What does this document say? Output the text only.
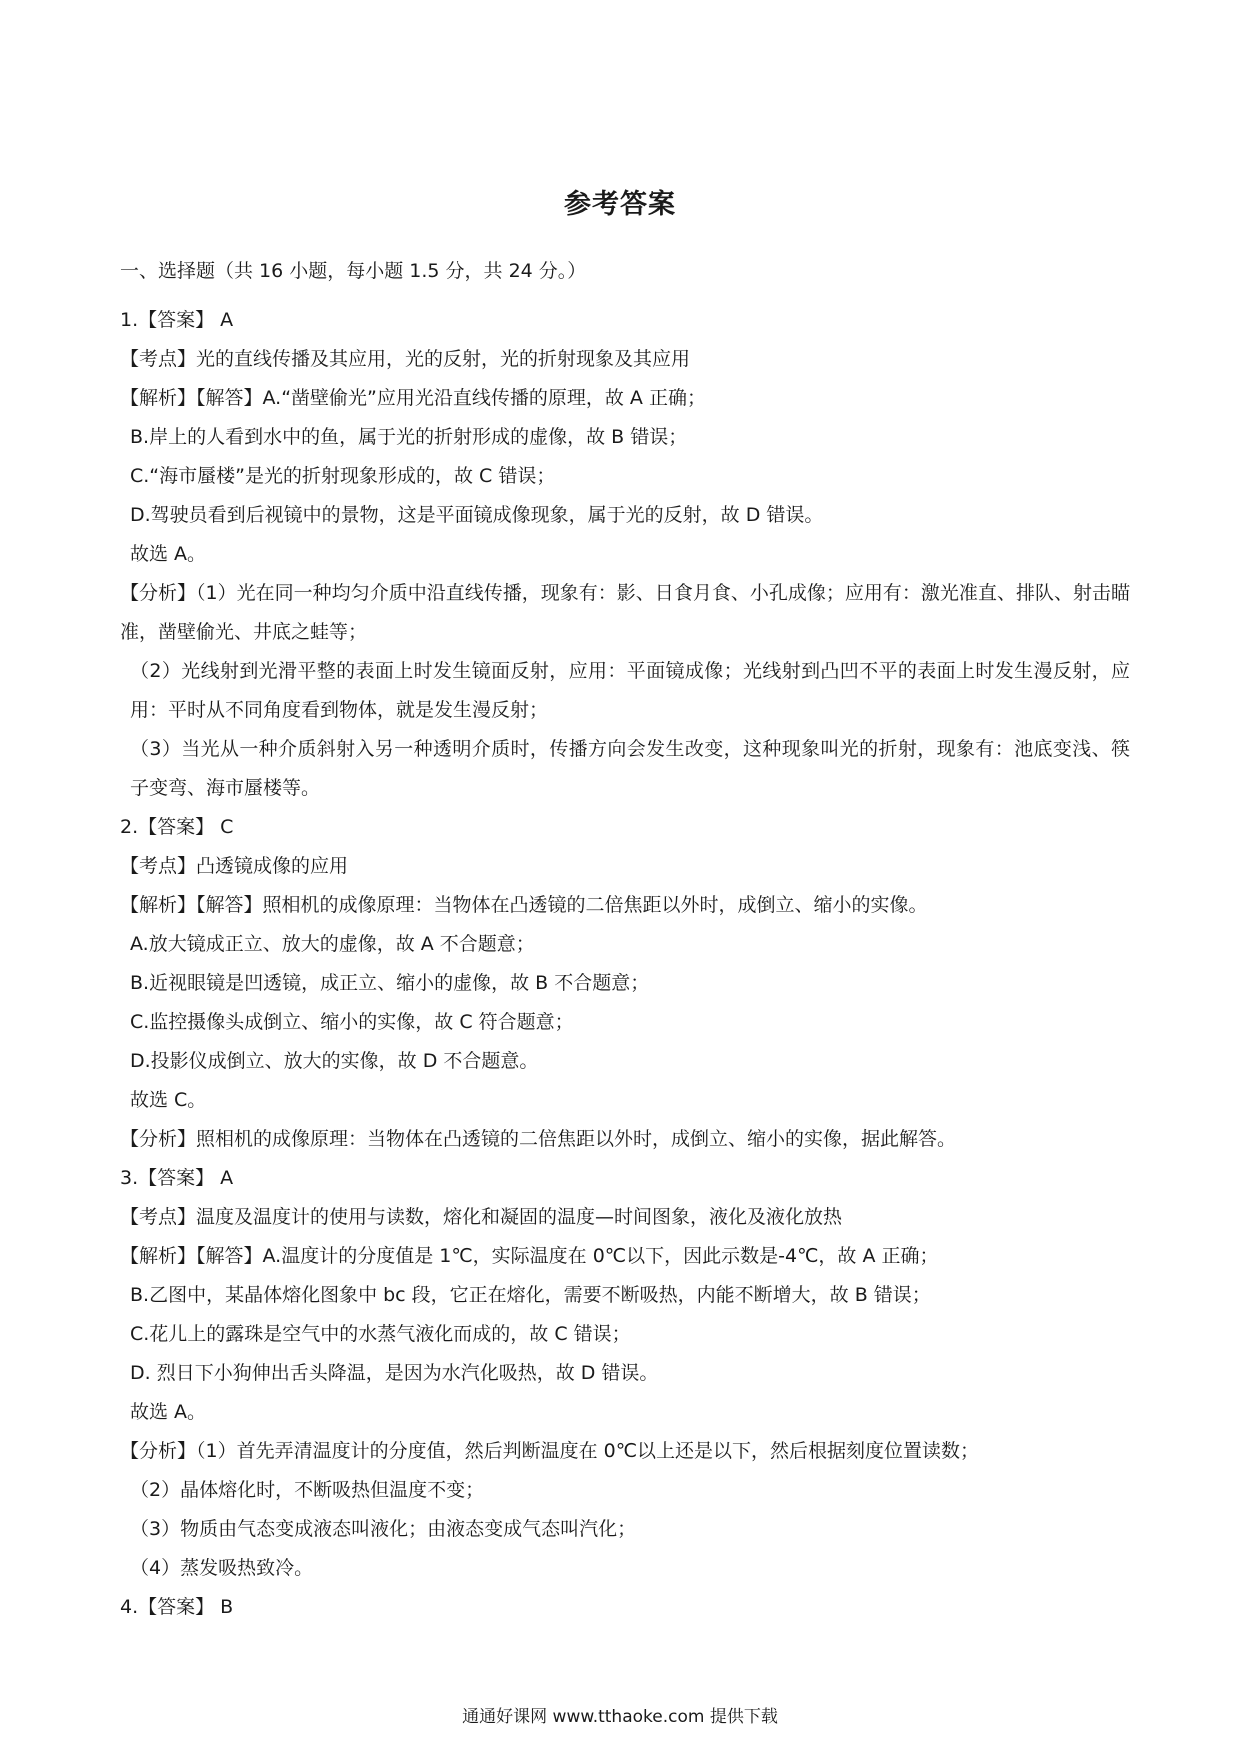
参考答案
一、选择题（共 16 小题，每小题 1.5 分，共 24 分。）

1.【答案】 A

【考点】光的直线传播及其应用，光的反射，光的折射现象及其应用

【解析】【解答】A.“凿壁偷光”应用光沿直线传播的原理，故 A 正确；

B.岸上的人看到水中的鱼，属于光的折射形成的虚像，故 B 错误；

C.“海市蜃楼”是光的折射现象形成的，故 C 错误；

D.驾驶员看到后视镜中的景物，这是平面镜成像现象，属于光的反射，故 D 错误。

故选 A。

【分析】（1）光在同一种均匀介质中沿直线传播，现象有：影、日食月食、小孔成像；应用有：激光准直、排队、射击瞄准，凿壁偷光、井底之蛙等；

（2）光线射到光滑平整的表面上时发生镜面反射，应用：平面镜成像；光线射到凸凹不平的表面上时发生漫反射，应用：平时从不同角度看到物体，就是发生漫反射；

（3）当光从一种介质斜射入另一种透明介质时，传播方向会发生改变，这种现象叫光的折射，现象有：池底变浅、筷子变弯、海市蜃楼等。

2.【答案】 C

【考点】凸透镜成像的应用

【解析】【解答】照相机的成像原理：当物体在凸透镜的二倍焦距以外时，成倒立、缩小的实像。

A.放大镜成正立、放大的虚像，故 A 不合题意；

B.近视眼镜是凹透镜，成正立、缩小的虚像，故 B 不合题意；

C.监控摄像头成倒立、缩小的实像，故 C 符合题意；

D.投影仪成倒立、放大的实像，故 D 不合题意。

故选 C。

【分析】照相机的成像原理：当物体在凸透镜的二倍焦距以外时，成倒立、缩小的实像，据此解答。

3.【答案】 A

【考点】温度及温度计的使用与读数，熔化和凝固的温度—时间图象，液化及液化放热

【解析】【解答】A.温度计的分度值是 1℃，实际温度在 0℃以下，因此示数是-4℃，故 A 正确；

B.乙图中，某晶体熔化图象中 bc 段，它正在熔化，需要不断吸热，内能不断增大，故 B 错误；

C.花儿上的露珠是空气中的水蒸气液化而成的，故 C 错误；

D. 烈日下小狗伸出舌头降温，是因为水汽化吸热，故 D 错误。

故选 A。

【分析】（1）首先弄清温度计的分度值，然后判断温度在 0℃以上还是以下，然后根据刻度位置读数；

（2）晶体熔化时，不断吸热但温度不变；

（3）物质由气态变成液态叫液化；由液态变成气态叫汽化；

（4）蒸发吸热致冷。

4.【答案】 B

通通好课网 www.tthaoke.com 提供下载
